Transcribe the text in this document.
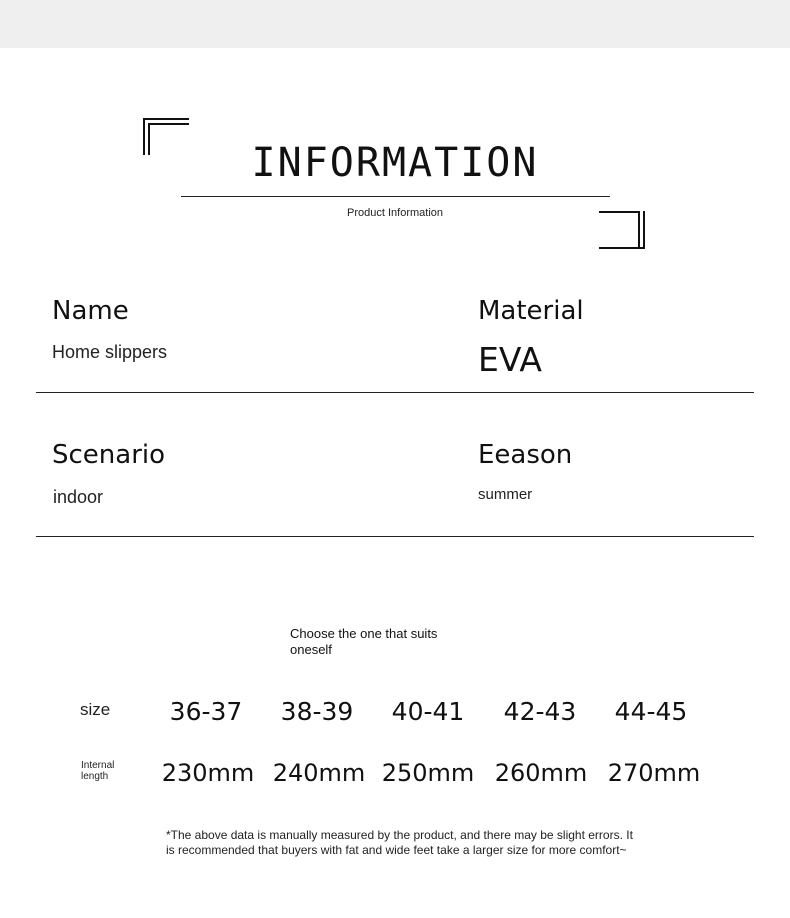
INFORMATION
Product Information
Name
Home slippers
Material
EVA
Scenario
indoor
Eeason
summer
Choose the one that suits oneself
size	36-37	38-39	40-41	42-43	44-45
Internal length	230mm 240mm 250mm 260mm 270mm
*The above data is manually measured by the product, and there may be slight errors. It is recommended that buyers with fat and wide feet take a larger size for more comfort~
